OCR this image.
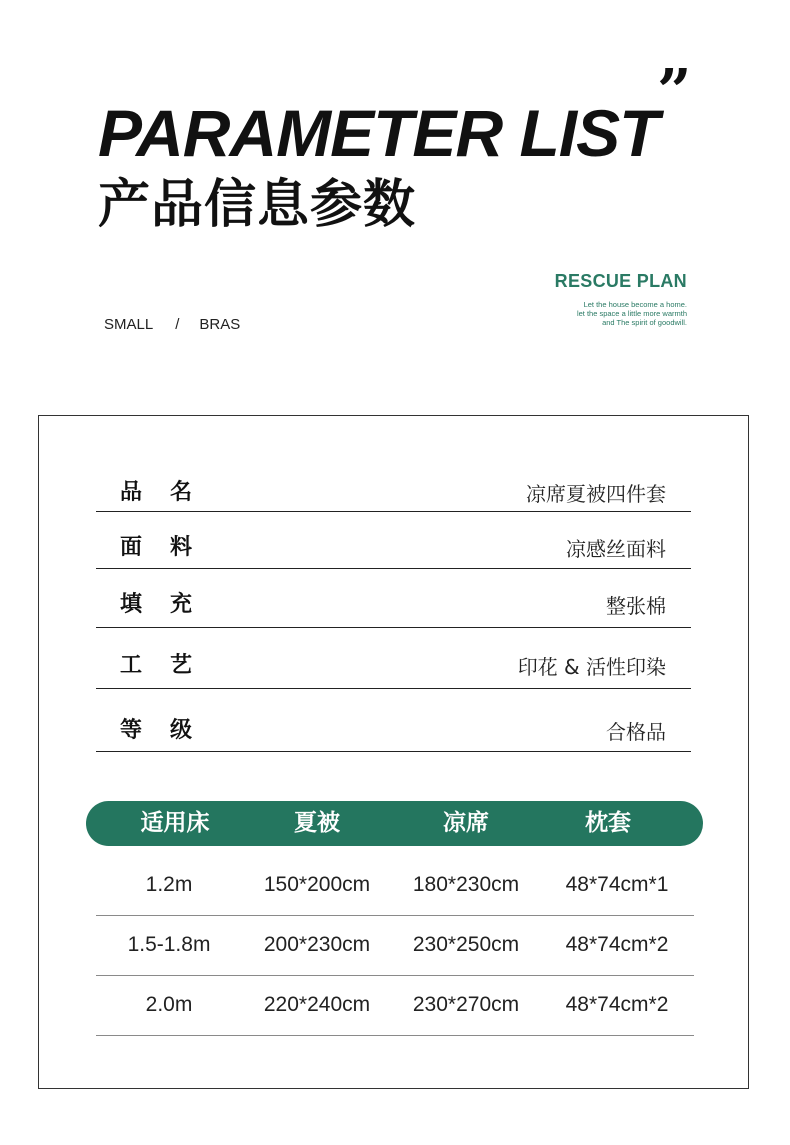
PARAMETER LIST
”
产品信息参数
SMALL / BRAS
RESCUE PLAN
Let the house become a home.
let the space a little more warmth
and The spirit of goodwill.
品名	凉席夏被四件套
面料	凉感丝面料
填充	整张棉
工艺	印花 & 活性印染
等级	合格品
适用床	夏被	凉席	枕套
1.2m	150*200cm 180*230cm 48*74cm*1
1.5-1.8m	200*230cm 230*250cm 48*74cm*2
2.0m	220*240cm 230*270cm 48*74cm*2
